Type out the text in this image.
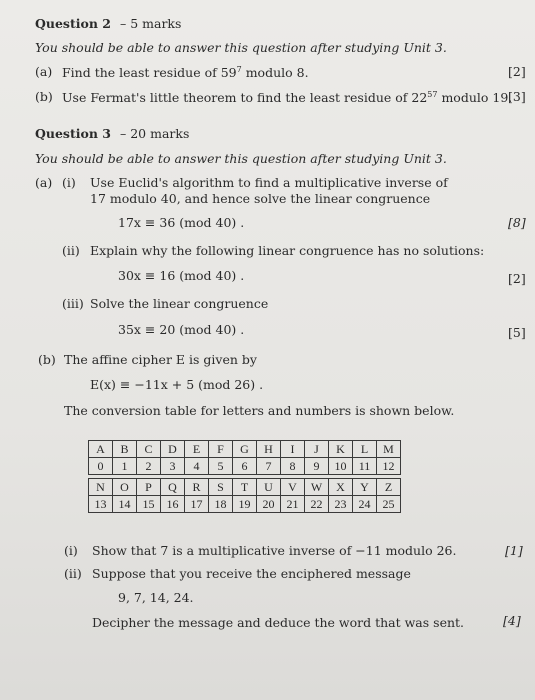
Question 2 – 5 marks
You should be able to answer this question after studying Unit 3.
(a) Find the least residue of $59^7$ modulo 8.	[2]
(b) Use Fermat's little theorem to find the least residue of $22^{57}$ modulo 19.
[3]
Question 3 – 20 marks
You should be able to answer this question after studying Unit 3.
(a) (i) Use Euclid's algorithm to find a multiplicative inverse of
17 modulo 40, and hence solve the linear congruence
17x ≡ 36 (mod 40) .	[8]
(ii) Explain why the following linear congruence has no solutions:
30x ≡ 16 (mod 40) .	[2]
(iii) Solve the linear congruence
35x ≡ 20 (mod 40) .	[5]
(b) The affine cipher E is given by
E(x) ≡ −11x + 5 (mod 26) .
The conversion table for letters and numbers is shown below.
A	B	C	D	E	F	G	H	I	J	K	L	M
0	1	2	3	4	5	6	7	8	9	10	11	12

N	O	P	Q	R	S	T	U	V	W	X	Y	Z
13	14	15	16	17	18	19	20	21	22	23	24	25
(i) Show that 7 is a multiplicative inverse of −11 modulo 26.	[1]
(ii) Suppose that you receive the enciphered message
9, 7, 14, 24.
Decipher the message and deduce the word that was sent.	[4]
